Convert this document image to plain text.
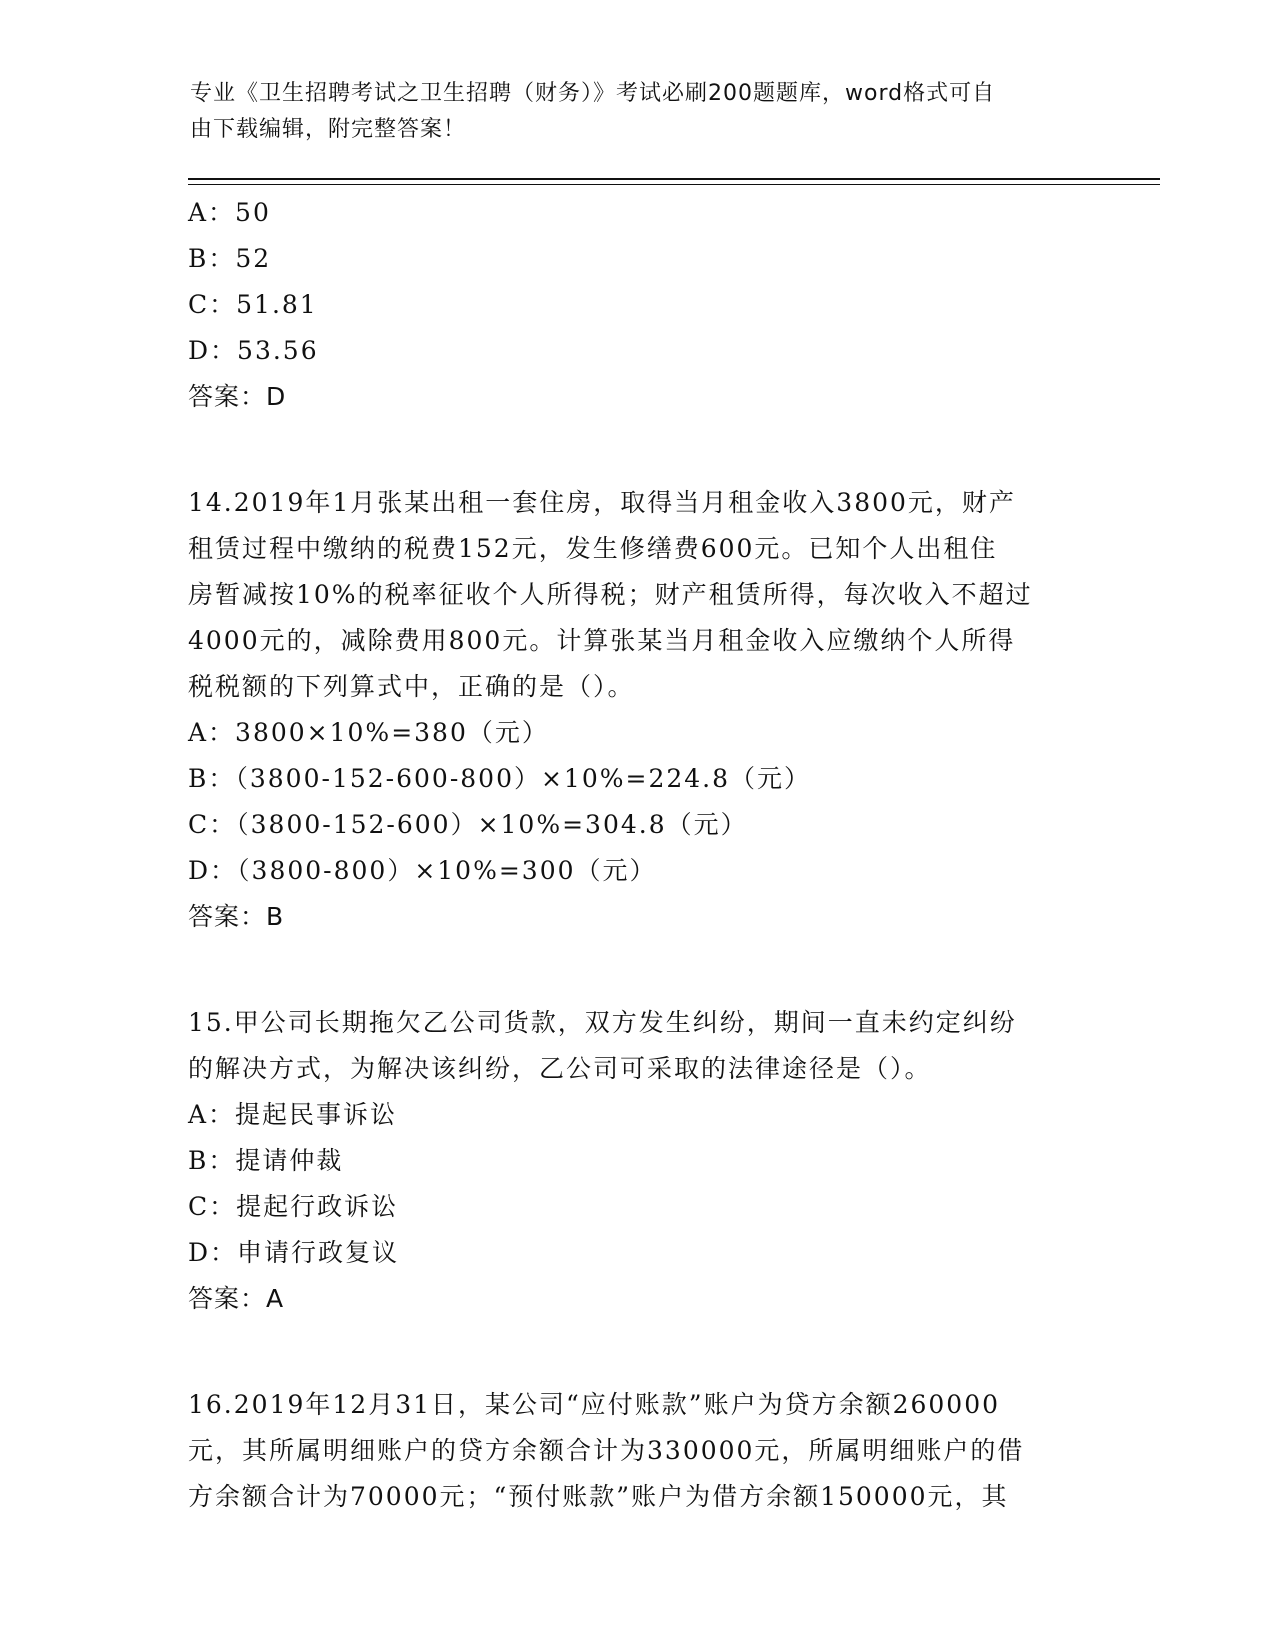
专业《卫生招聘考试之卫生招聘（财务）》考试必刷200题题库，word格式可自
由下载编辑，附完整答案！
A：50
B：52
C：51.81
D：53.56
答案：D
14.2019年1月张某出租一套住房，取得当月租金收入3800元，财产
租赁过程中缴纳的税费152元，发生修缮费600元。已知个人出租住
房暂减按10%的税率征收个人所得税；财产租赁所得，每次收入不超过
4000元的，减除费用800元。计算张某当月租金收入应缴纳个人所得
税税额的下列算式中，正确的是（）。
A：3800×10%=380（元）
B：（3800-152-600-800）×10%=224.8（元）
C：（3800-152-600）×10%=304.8（元）
D：（3800-800）×10%=300（元）
答案：B
15.甲公司长期拖欠乙公司货款，双方发生纠纷，期间一直未约定纠纷
的解决方式，为解决该纠纷，乙公司可采取的法律途径是（）。
A：提起民事诉讼
B：提请仲裁
C：提起行政诉讼
D：申请行政复议
答案：A
16.2019年12月31日，某公司“应付账款”账户为贷方余额260000
元，其所属明细账户的贷方余额合计为330000元，所属明细账户的借
方余额合计为70000元；“预付账款”账户为借方余额150000元，其
